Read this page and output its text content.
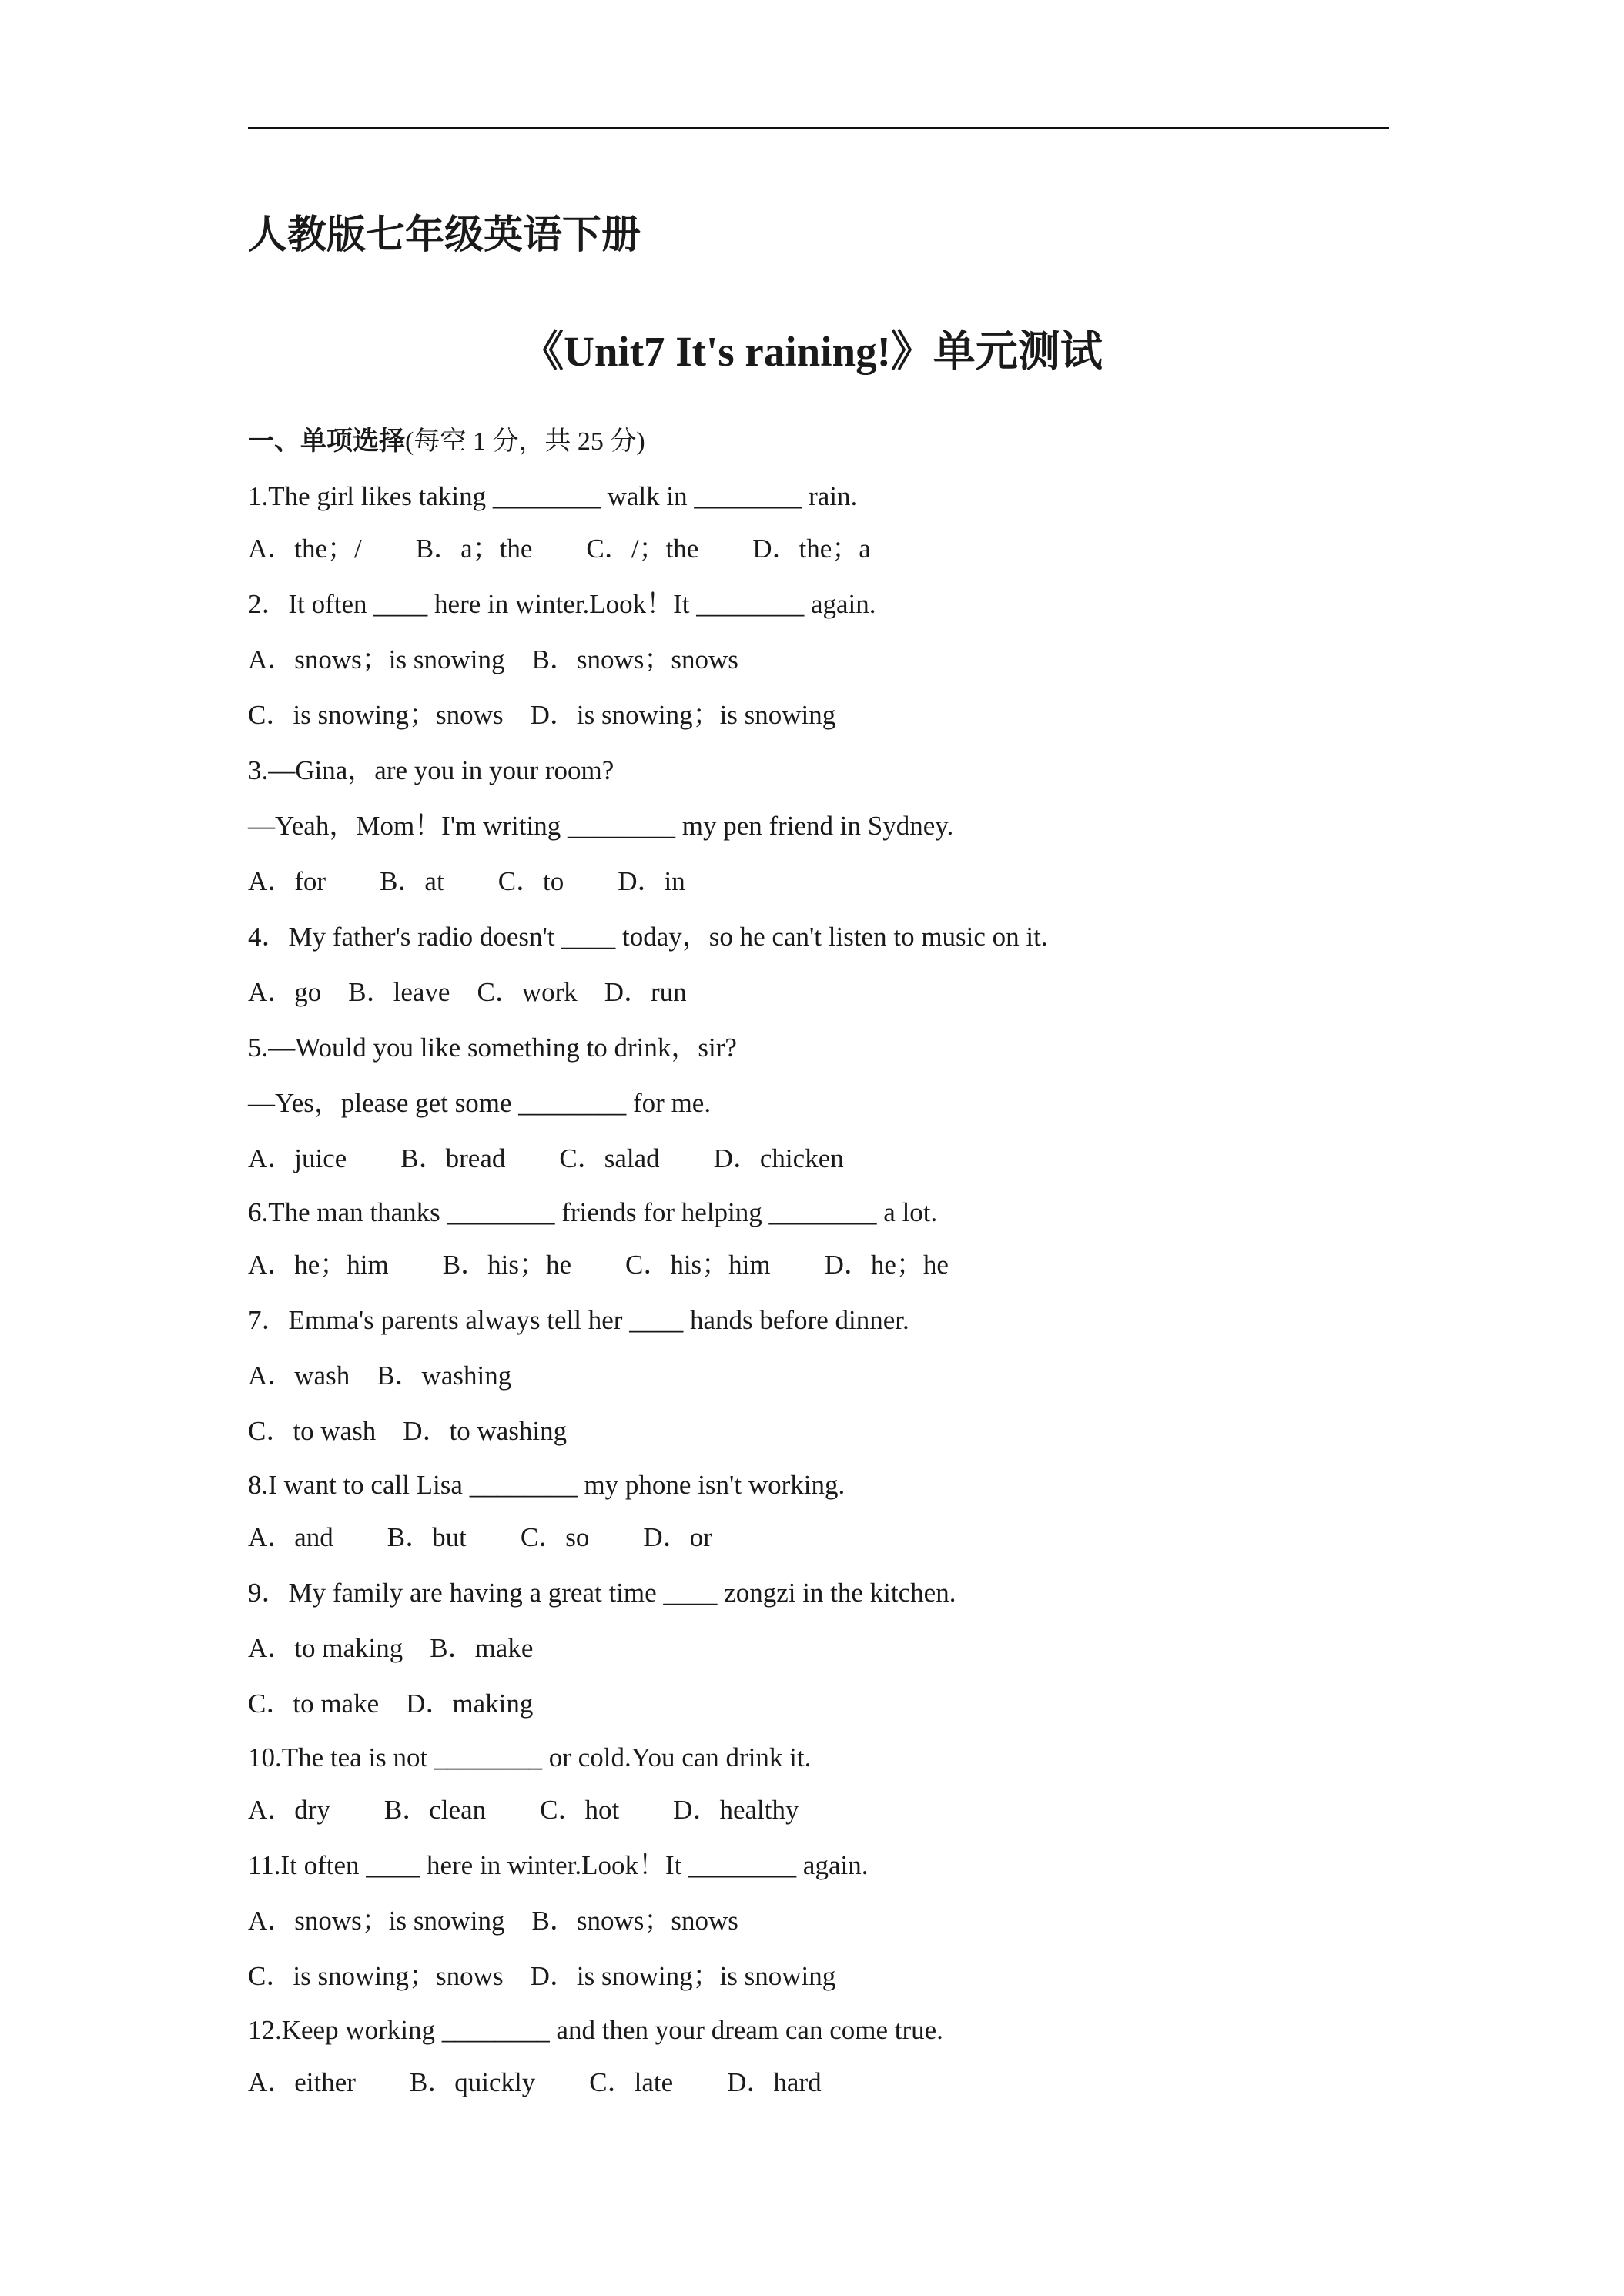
人教版七年级英语下册
《Unit7 It's raining!》单元测试
一、单项选择(每空 1 分，共 25 分)
1.The girl likes taking ________ walk in ________ rain.
A．the；/        B．a；the        C．/；the        D．the；a
2．It often ____ here in winter.Look！It ________ again.
A．snows；is snowing    B．snows；snows
C．is snowing；snows    D．is snowing；is snowing
3.—Gina，are you in your room?
—Yeah，Mom！I'm writing ________ my pen friend in Sydney.
A．for        B．at        C．to        D．in
4．My father's radio doesn't ____ today，so he can't listen to music on it.
A．go    B．leave    C．work    D．run
5.—Would you like something to drink，sir?
—Yes，please get some ________ for me.
A．juice        B．bread        C．salad        D．chicken
6.The man thanks ________ friends for helping ________ a lot.
A．he；him        B．his；he        C．his；him        D．he；he
7．Emma's parents always tell her ____ hands before dinner.
A．wash    B．washing
C．to wash    D．to washing
8.I want to call Lisa ________ my phone isn't working.
A．and        B．but        C．so        D．or
9．My family are having a great time ____ zongzi in the kitchen.
A．to making    B．make
C．to make    D．making
10.The tea is not ________ or cold.You can drink it.
A．dry        B．clean        C．hot        D．healthy
11.It often ____ here in winter.Look！It ________ again.
A．snows；is snowing    B．snows；snows
C．is snowing；snows    D．is snowing；is snowing
12.Keep working ________ and then your dream can come true.
A．either        B．quickly        C．late        D．hard
